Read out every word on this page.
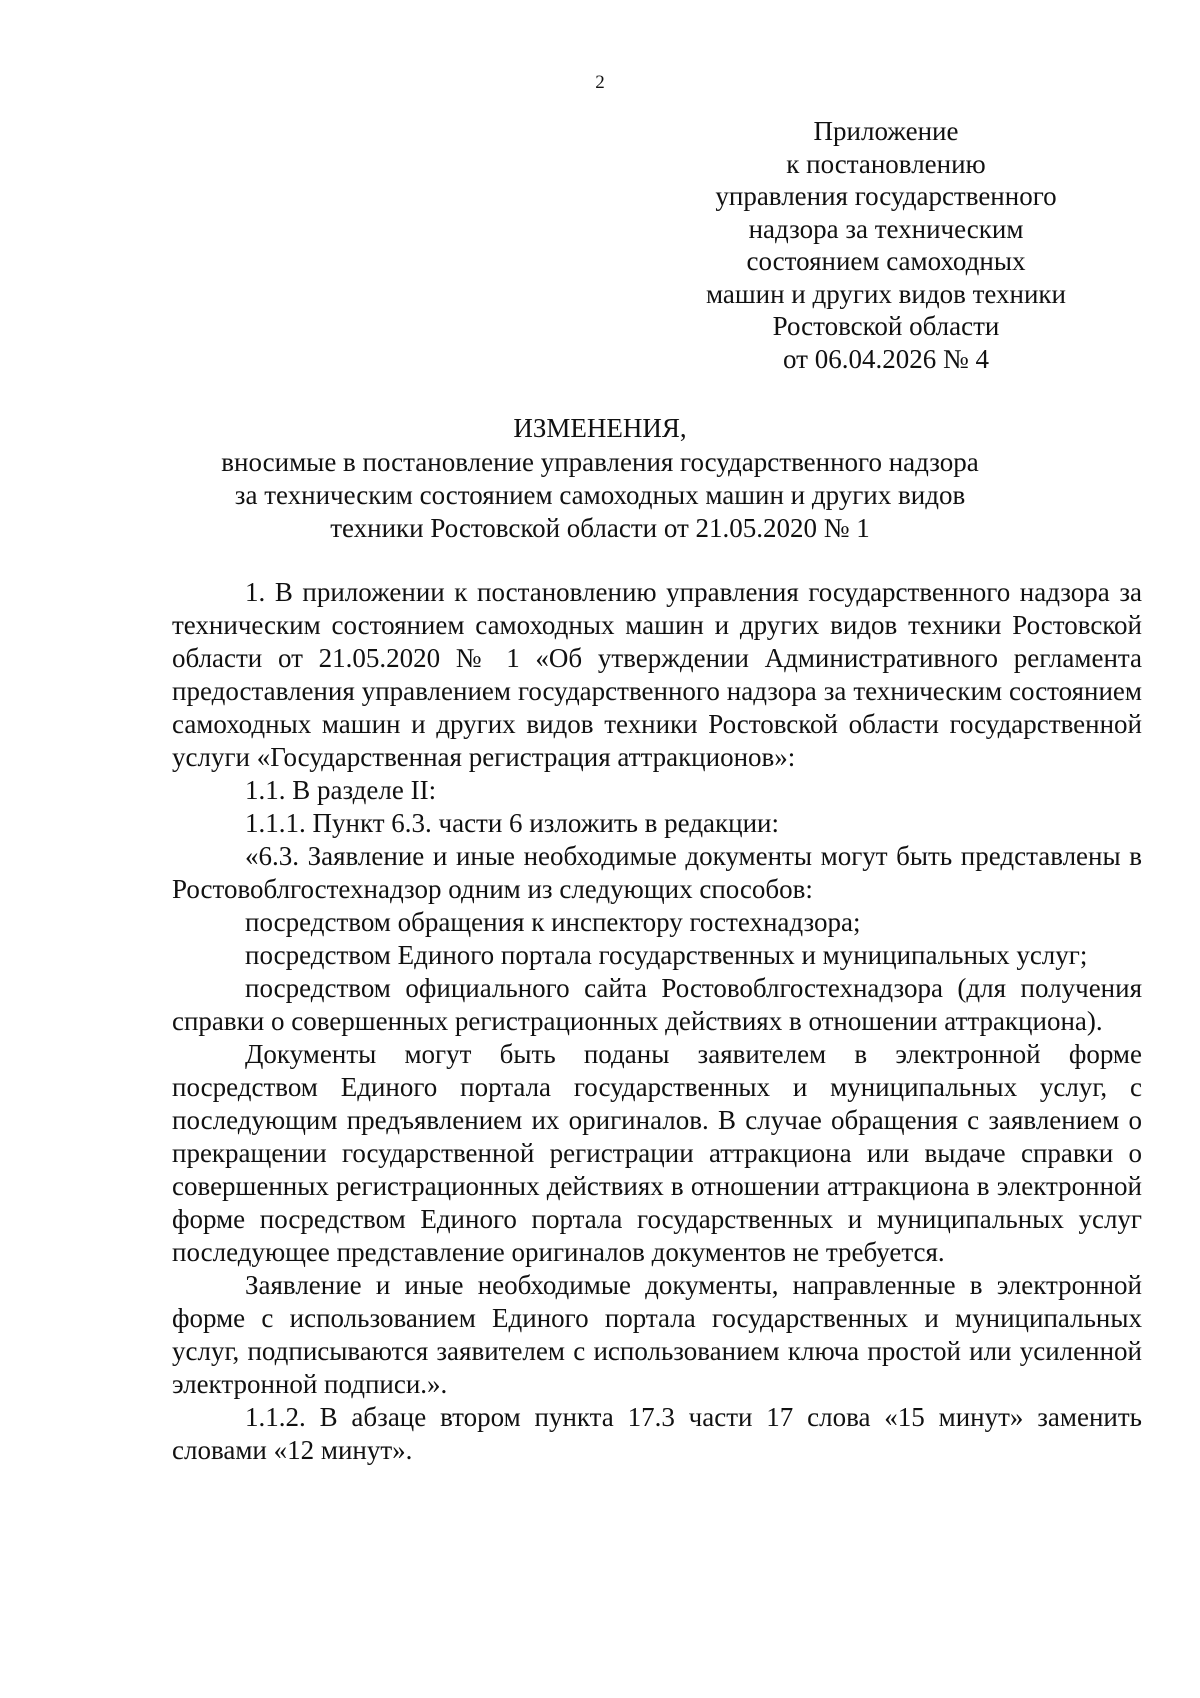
2
Приложение
к постановлению
управления государственного
надзора за техническим
состоянием самоходных
машин и других видов техники
Ростовской области
от 06.04.2026 № 4
ИЗМЕНЕНИЯ,
вносимые в постановление управления государственного надзора
за техническим состоянием самоходных машин и других видов
техники Ростовской области от 21.05.2020 № 1

1. В приложении к постановлению управления государственного надзора за техническим состоянием самоходных машин и других видов техники Ростовской области от 21.05.2020 № 1 «Об утверждении Административного регламента предоставления управлением государственного надзора за техническим состоянием самоходных машин и других видов техники Ростовской области государственной услуги «Государственная регистрация аттракционов»:

1.1. В разделе II:

1.1.1. Пункт 6.3. части 6 изложить в редакции:

«6.3. Заявление и иные необходимые документы могут быть представлены в Ростовоблгостехнадзор одним из следующих способов:

посредством обращения к инспектору гостехнадзора;

посредством Единого портала государственных и муниципальных услуг;

посредством официального сайта Ростовоблгостехнадзора (для получения справки о совершенных регистрационных действиях в отношении аттракциона).

Документы могут быть поданы заявителем в электронной форме посредством Единого портала государственных и муниципальных услуг, с последующим предъявлением их оригиналов. В случае обращения с заявлением о прекращении государственной регистрации аттракциона или выдаче справки о совершенных регистрационных действиях в отношении аттракциона в электронной форме посредством Единого портала государственных и муниципальных услуг последующее представление оригиналов документов не требуется.

Заявление и иные необходимые документы, направленные в электронной форме с использованием Единого портала государственных и муниципальных услуг, подписываются заявителем с использованием ключа простой или усиленной электронной подписи.».

1.1.2. В абзаце втором пункта 17.3 части 17 слова «15 минут» заменить словами «12 минут».
